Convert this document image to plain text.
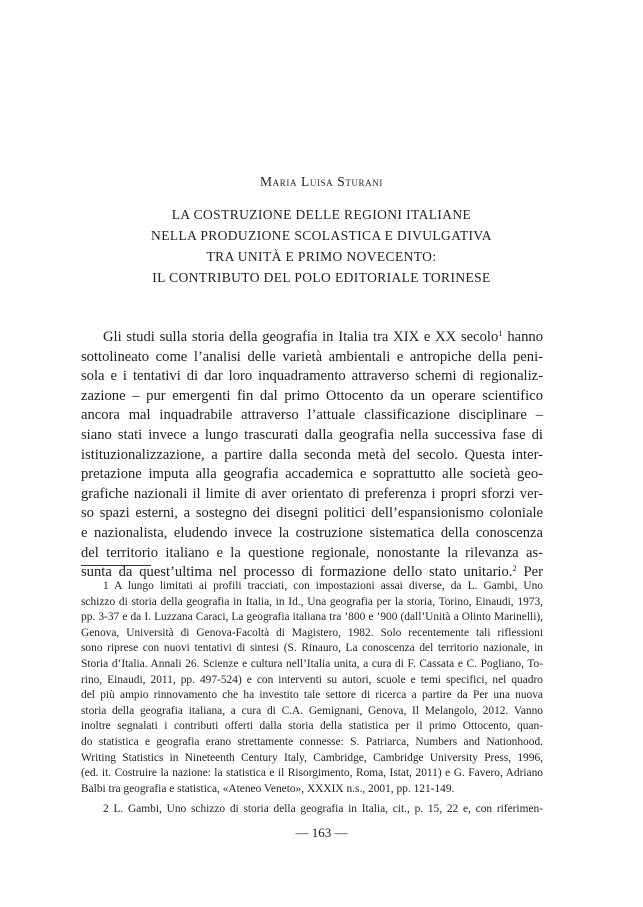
Maria Luisa Sturani
LA COSTRUZIONE DELLE REGIONI ITALIANE
NELLA PRODUZIONE SCOLASTICA E DIVULGATIVA
TRA UNITÀ E PRIMO NOVECENTO:
IL CONTRIBUTO DEL POLO EDITORIALE TORINESE
Gli studi sulla storia della geografia in Italia tra XIX e XX secolo$^1$ hanno
sottolineato come l’analisi delle varietà ambientali e antropiche della peni-
sola e i tentativi di dar loro inquadramento attraverso schemi di regionaliz-
zazione – pur emergenti fin dal primo Ottocento da un operare scientifico
ancora mal inquadrabile attraverso l’attuale classificazione disciplinare –
siano stati invece a lungo trascurati dalla geografia nella successiva fase di
istituzionalizzazione, a partire dalla seconda metà del secolo. Questa inter-
pretazione imputa alla geografia accademica e soprattutto alle società geo-
grafiche nazionali il limite di aver orientato di preferenza i propri sforzi ver-
so spazi esterni, a sostegno dei disegni politici dell’espansionismo coloniale
e nazionalista, eludendo invece la costruzione sistematica della conoscenza
del territorio italiano e la questione regionale, nonostante la rilevanza as-
sunta da quest’ultima nel processo di formazione dello stato unitario.$^2$ Per
1 A lungo limitati ai profili tracciati, con impostazioni assai diverse, da L. Gambi, Uno
schizzo di storia della geografia in Italia, in Id., Una geografia per la storia, Torino, Einaudi, 1973,
pp. 3-37 e da I. Luzzana Caraci, La geografia italiana tra ’800 e ’900 (dall’Unità a Olinto Marinelli),
Genova, Università di Genova-Facoltà di Magistero, 1982. Solo recentemente tali riflessioni
sono riprese con nuovi tentativi di sintesi (S. Rinauro, La conoscenza del territorio nazionale, in
Storia d’Italia. Annali 26. Scienze e cultura nell’Italia unita, a cura di F. Cassata e C. Pogliano, To-
rino, Einaudi, 2011, pp. 497-524) e con interventi su autori, scuole e temi specifici, nel quadro
del più ampio rinnovamento che ha investito tale settore di ricerca a partire da Per una nuova
storia della geografia italiana, a cura di C.A. Gemignani, Genova, Il Melangolo, 2012. Vanno
inoltre segnalati i contributi offerti dalla storia della statistica per il primo Ottocento, quan-
do statistica e geografia erano strettamente connesse: S. Patriarca, Numbers and Nationhood.
Writing Statistics in Nineteenth Century Italy, Cambridge, Cambridge University Press, 1996,
(ed. it. Costruire la nazione: la statistica e il Risorgimento, Roma, Istat, 2011) e G. Favero, Adriano
Balbi tra geografia e statistica, «Ateneo Veneto», XXXIX n.s., 2001, pp. 121-149.
2 L. Gambi, Uno schizzo di storia della geografia in Italia, cit., p. 15, 22 e, con riferimen-
— 163 —
